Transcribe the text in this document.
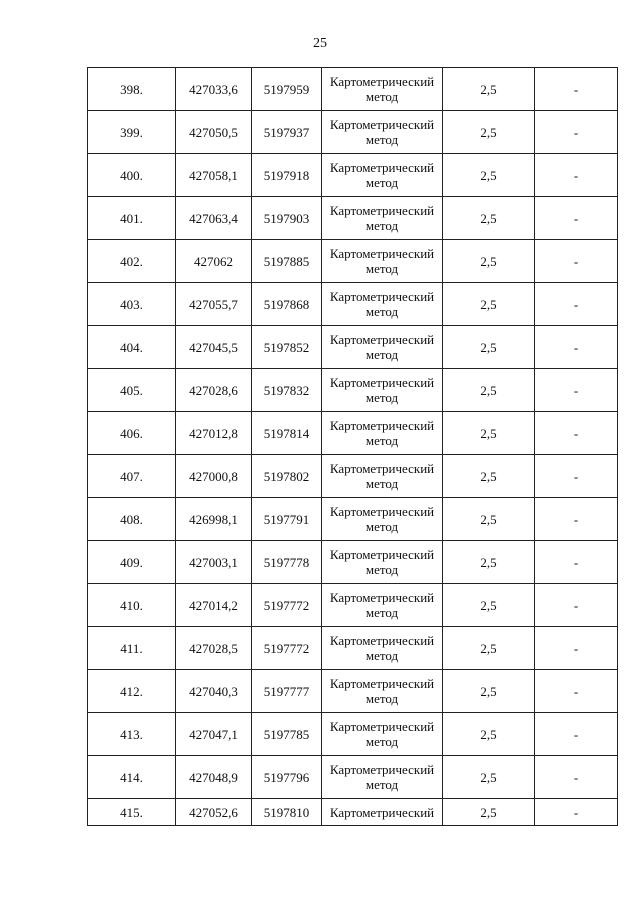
25
398.	427033,6	5197959	Картометрический метод	2,5	-
399.	427050,5	5197937	Картометрический метод	2,5	-
400.	427058,1	5197918	Картометрический метод	2,5	-
401.	427063,4	5197903	Картометрический метод	2,5	-
402.	427062	5197885	Картометрический метод	2,5	-
403.	427055,7	5197868	Картометрический метод	2,5	-
404.	427045,5	5197852	Картометрический метод	2,5	-
405.	427028,6	5197832	Картометрический метод	2,5	-
406.	427012,8	5197814	Картометрический метод	2,5	-
407.	427000,8	5197802	Картометрический метод	2,5	-
408.	426998,1	5197791	Картометрический метод	2,5	-
409.	427003,1	5197778	Картометрический метод	2,5	-
410.	427014,2	5197772	Картометрический метод	2,5	-
411.	427028,5	5197772	Картометрический метод	2,5	-
412.	427040,3	5197777	Картометрический метод	2,5	-
413.	427047,1	5197785	Картометрический метод	2,5	-
414.	427048,9	5197796	Картометрический метод	2,5	-
415.	427052,6	5197810	Картометрический	2,5	-
